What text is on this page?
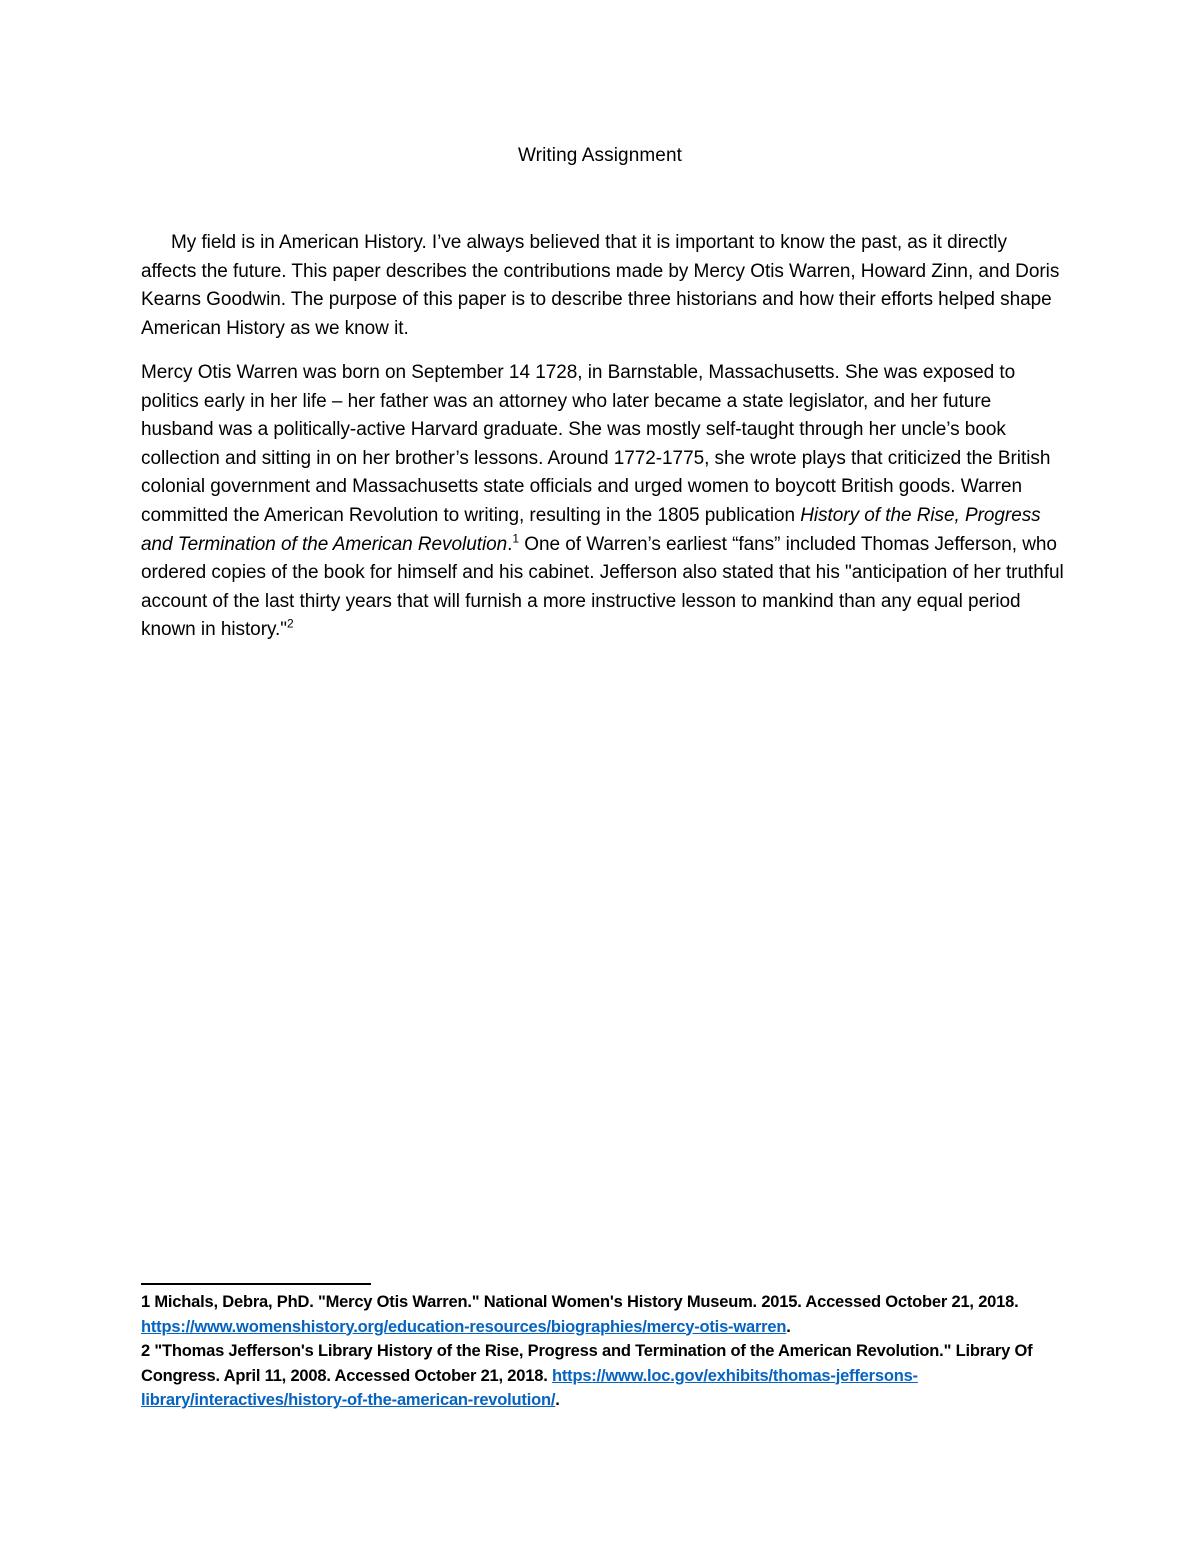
Writing Assignment

My field is in American History. I’ve always believed that it is important to know the past, as it directly affects the future. This paper describes the contributions made by Mercy Otis Warren, Howard Zinn, and Doris Kearns Goodwin. The purpose of this paper is to describe three historians and how their efforts helped shape American History as we know it.

Mercy Otis Warren was born on September 14 1728, in Barnstable, Massachusetts. She was exposed to politics early in her life – her father was an attorney who later became a state legislator, and her future husband was a politically-active Harvard graduate. She was mostly self-taught through her uncle’s book collection and sitting in on her brother’s lessons. Around 1772-1775, she wrote plays that criticized the British colonial government and Massachusetts state officials and urged women to boycott British goods. Warren committed the American Revolution to writing, resulting in the 1805 publication History of the Rise, Progress and Termination of the American Revolution.$^1$ One of Warren’s earliest “fans” included Thomas Jefferson, who ordered copies of the book for himself and his cabinet. Jefferson also stated that his "anticipation of her truthful account of the last thirty years that will furnish a more instructive lesson to mankind than any equal period known in history."$^2$

1 Michals, Debra, PhD. "Mercy Otis Warren." National Women's History Museum. 2015. Accessed October 21, 2018. https://www.womenshistory.org/education-resources/biographies/mercy-otis-warren.

2 "Thomas Jefferson's Library History of the Rise, Progress and Termination of the American Revolution." Library Of Congress. April 11, 2008. Accessed October 21, 2018. https://www.loc.gov/exhibits/thomas-jeffersons-library/interactives/history-of-the-american-revolution/.
